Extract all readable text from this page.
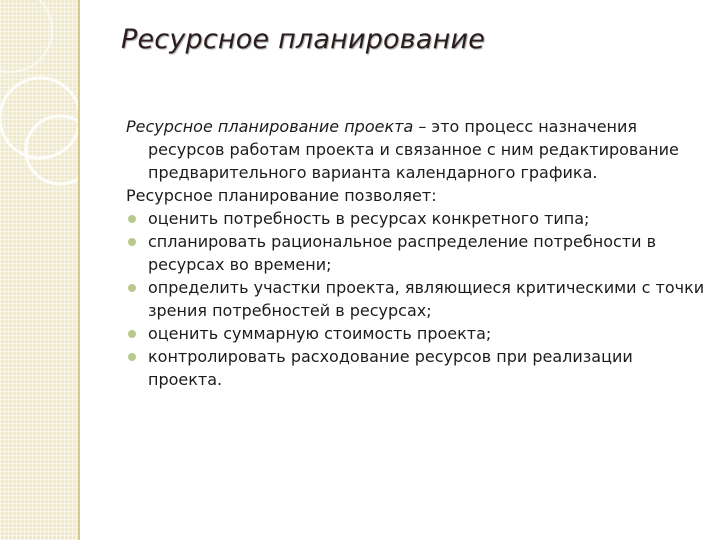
Ресурсное планирование

Ресурсное планирование проекта – это процесс назначения ресурсов работам проекта и связанное с ним редактирование предварительного варианта календарного графика.

Ресурсное планирование позволяет:

оценить потребность в ресурсах конкретного типа;
спланировать рациональное распределение потребности в ресурсах во времени;
определить участки проекта, являющиеся критическими с точки зрения потребностей в ресурсах;
оценить суммарную стоимость проекта;
контролировать расходование ресурсов при реализации проекта.
